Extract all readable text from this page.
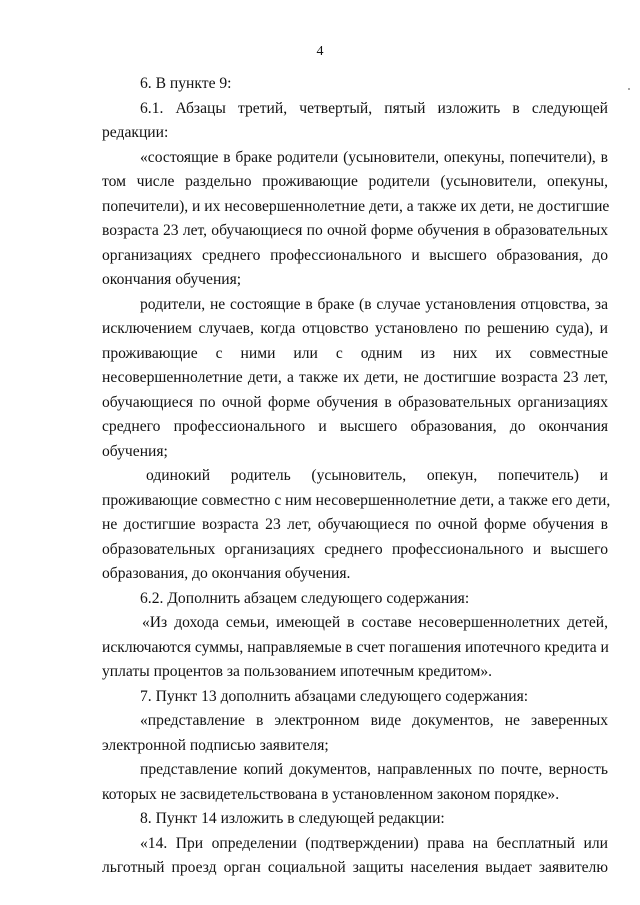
4
6. В пункте 9:
6.1. Абзацы третий, четвертый, пятый изложить в следующей
редакции:
«состоящие в браке родители (усыновители, опекуны, попечители), в
том числе раздельно проживающие родители (усыновители, опекуны,
попечители), и их несовершеннолетние дети, а также их дети, не достигшие
возраста 23 лет, обучающиеся по очной форме обучения в образовательных
организациях среднего профессионального и высшего образования, до
окончания обучения;
родители, не состоящие в браке (в случае установления отцовства, за
исключением случаев, когда отцовство установлено по решению суда), и
проживающие с ними или с одним из них их совместные
несовершеннолетние дети, а также их дети, не достигшие возраста 23 лет,
обучающиеся по очной форме обучения в образовательных организациях
среднего профессионального и высшего образования, до окончания
обучения;
одинокий родитель (усыновитель, опекун, попечитель) и
проживающие совместно с ним несовершеннолетние дети, а также его дети,
не достигшие возраста 23 лет, обучающиеся по очной форме обучения в
образовательных организациях среднего профессионального и высшего
образования, до окончания обучения.
6.2. Дополнить абзацем следующего содержания:
«Из дохода семьи, имеющей в составе несовершеннолетних детей,
исключаются суммы, направляемые в счет погашения ипотечного кредита и
уплаты процентов за пользованием ипотечным кредитом».
7. Пункт 13 дополнить абзацами следующего содержания:
«представление в электронном виде документов, не заверенных
электронной подписью заявителя;
представление копий документов, направленных по почте, верность
которых не засвидетельствована в установленном законом порядке».
8. Пункт 14 изложить в следующей редакции:
«14. При определении (подтверждении) права на бесплатный или
льготный проезд орган социальной защиты населения выдает заявителю
